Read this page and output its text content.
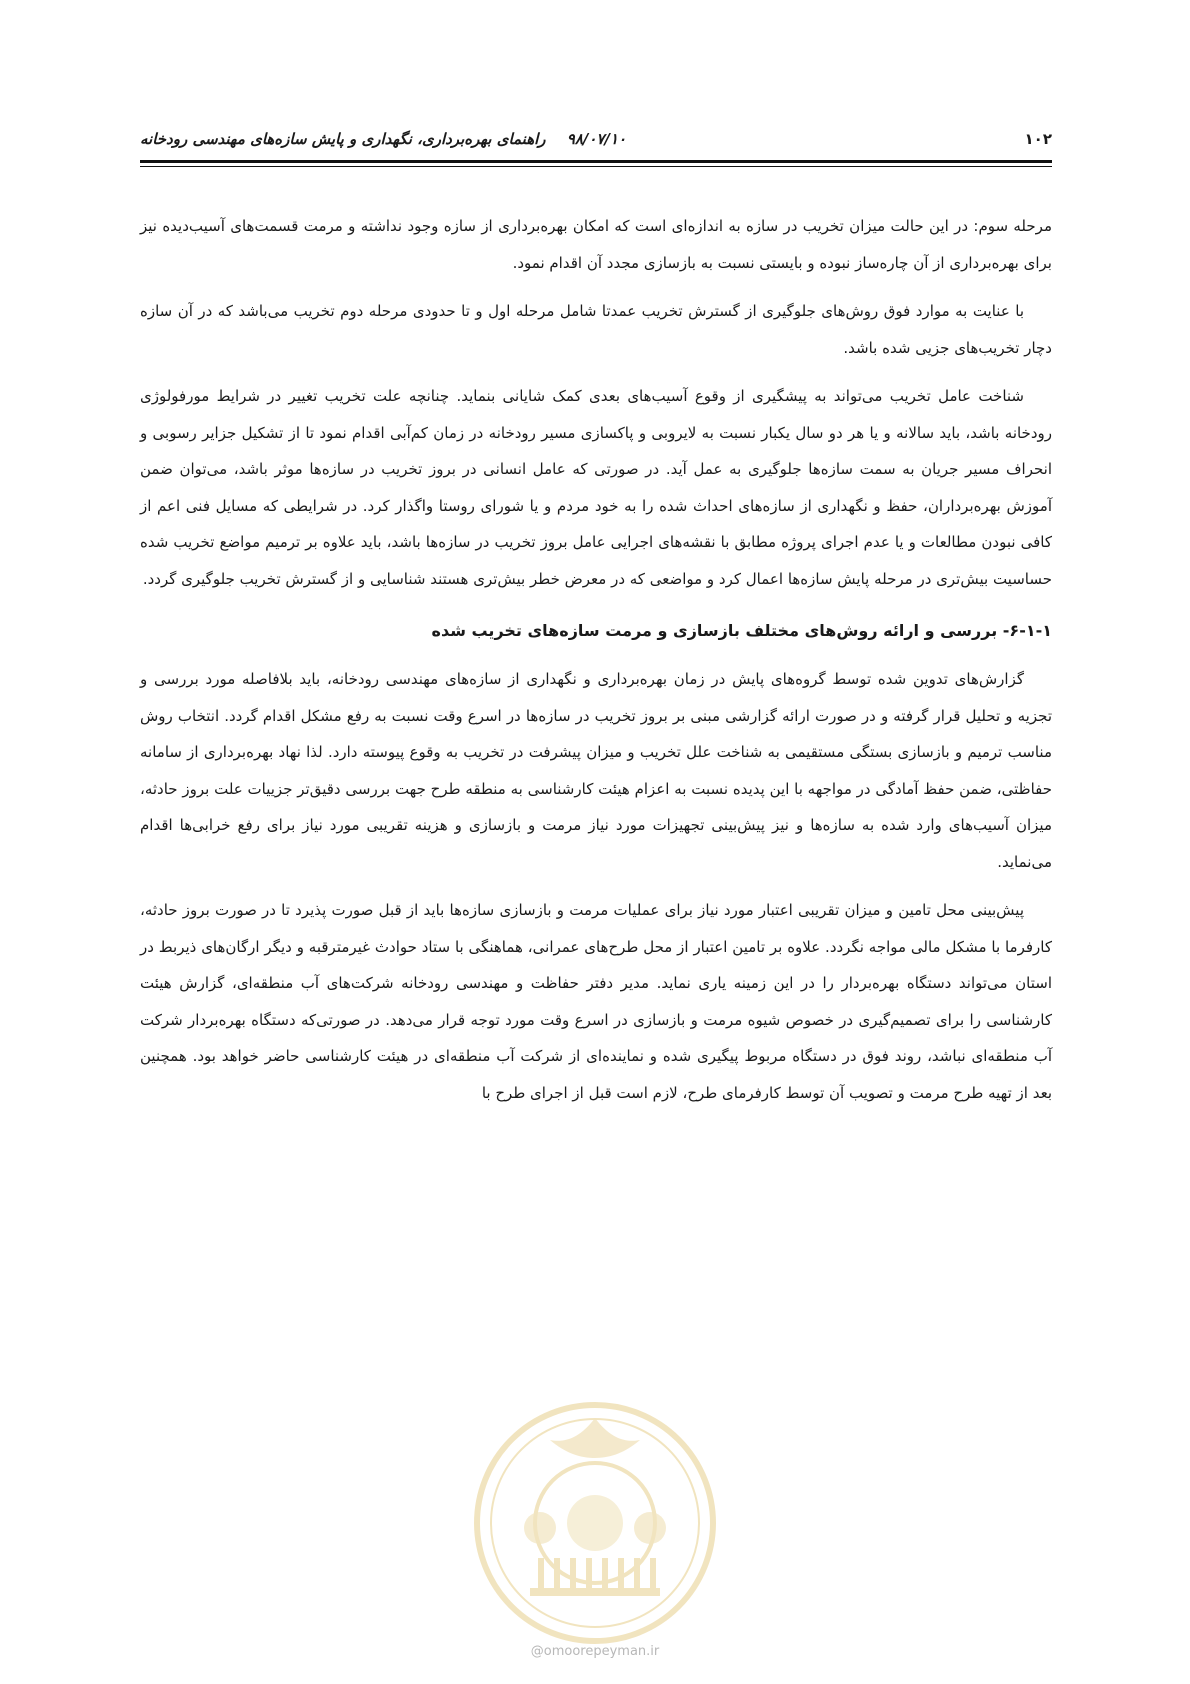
۱۰۲
۹۸/۰۷/۱۰ راهنمای بهره‌برداری، نگهداری و پایش سازه‌های مهندسی رودخانه

مرحله سوم: در این حالت میزان تخریب در سازه به اندازه‌ای است که امکان بهره‌برداری از سازه وجود نداشته و مرمت قسمت‌های آسیب‌دیده نیز برای بهره‌برداری از آن چاره‌ساز نبوده و بایستی نسبت به بازسازی مجدد آن اقدام نمود.

با عنایت به موارد فوق روش‌های جلوگیری از گسترش تخریب عمدتا شامل مرحله اول و تا حدودی مرحله دوم تخریب می‌باشد که در آن سازه دچار تخریب‌های جزیی شده باشد.

شناخت عامل تخریب می‌تواند به پیشگیری از وقوع آسیب‌های بعدی کمک شایانی بنماید. چنانچه علت تخریب تغییر در شرایط مورفولوژی رودخانه باشد، باید سالانه و یا هر دو سال یکبار نسبت به لایروبی و پاکسازی مسیر رودخانه در زمان کم‌آبی اقدام نمود تا از تشکیل جزایر رسوبی و انحراف مسیر جریان به سمت سازه‌ها جلوگیری به عمل آید. در صورتی که عامل انسانی در بروز تخریب در سازه‌ها موثر باشد، می‌توان ضمن آموزش بهره‌برداران، حفظ و نگهداری از سازه‌های احداث شده را به خود مردم و یا شورای روستا واگذار کرد. در شرایطی که مسایل فنی اعم از کافی نبودن مطالعات و یا عدم اجرای پروژه مطابق با نقشه‌های اجرایی عامل بروز تخریب در سازه‌ها باشد، باید علاوه بر ترمیم مواضع تخریب شده حساسیت بیش‌تری در مرحله پایش سازه‌ها اعمال کرد و مواضعی که در معرض خطر بیش‌تری هستند شناسایی و از گسترش تخریب جلوگیری گردد.

۶-۱-۱- بررسی و ارائه روش‌های مختلف بازسازی و مرمت سازه‌های تخریب شده

گزارش‌های تدوین شده توسط گروه‌های پایش در زمان بهره‌برداری و نگهداری از سازه‌های مهندسی رودخانه، باید بلافاصله مورد بررسی و تجزیه و تحلیل قرار گرفته و در صورت ارائه گزارشی مبنی بر بروز تخریب در سازه‌ها در اسرع وقت نسبت به رفع مشکل اقدام گردد. انتخاب روش مناسب ترمیم و بازسازی بستگی مستقیمی به شناخت علل تخریب و میزان پیشرفت در تخریب به وقوع پیوسته دارد. لذا نهاد بهره‌برداری از سامانه حفاظتی، ضمن حفظ آمادگی در مواجهه با این پدیده نسبت به اعزام هیئت کارشناسی به منطقه طرح جهت بررسی دقیق‌تر جزییات علت بروز حادثه، میزان آسیب‌های وارد شده به سازه‌ها و نیز پیش‌بینی تجهیزات مورد نیاز مرمت و بازسازی و هزینه تقریبی مورد نیاز برای رفع خرابی‌ها اقدام می‌نماید.

پیش‌بینی محل تامین و میزان تقریبی اعتبار مورد نیاز برای عملیات مرمت و بازسازی سازه‌ها باید از قبل صورت پذیرد تا در صورت بروز حادثه، کارفرما با مشکل مالی مواجه نگردد. علاوه بر تامین اعتبار از محل طرح‌های عمرانی، هماهنگی با ستاد حوادث غیرمترقبه و دیگر ارگان‌های ذیربط در استان می‌تواند دستگاه بهره‌بردار را در این زمینه یاری نماید. مدیر دفتر حفاظت و مهندسی رودخانه شرکت‌های آب منطقه‌ای، گزارش هیئت کارشناسی را برای تصمیم‌گیری در خصوص شیوه مرمت و بازسازی در اسرع وقت مورد توجه قرار می‌دهد. در صورتی‌که دستگاه بهره‌بردار شرکت آب منطقه‌ای نباشد، روند فوق در دستگاه مربوط پیگیری شده و نماینده‌ای از شرکت آب منطقه‌ای در هیئت کارشناسی حاضر خواهد بود. همچنین بعد از تهیه طرح مرمت و تصویب آن توسط کارفرمای طرح، لازم است قبل از اجرای طرح با

@omoorepeyman.ir
